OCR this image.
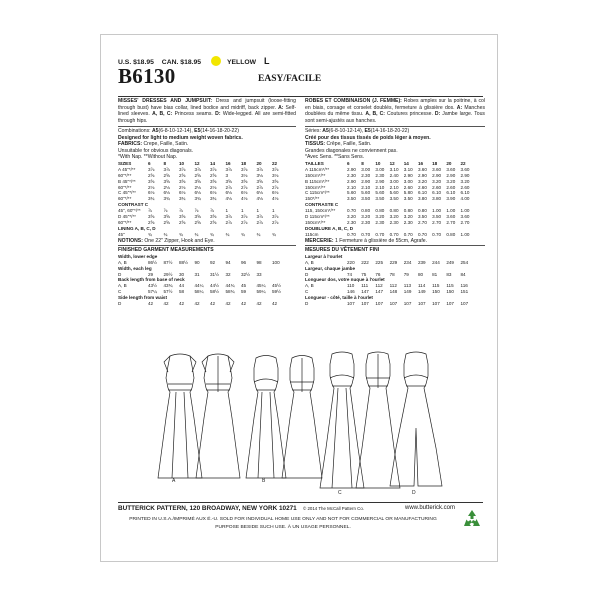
U.S. $18.95 CAN. $18.95	YELLOW L
B6130	EASY/FACILE

MISSES' DRESSES AND JUMPSUIT: Dress and jumpsuit (loose-fitting through bust) have bias collar, lined bodice and midriff, back zipper. A: Self-lined sleeves. A, B, C: Princess seams. D: Wide-legged. All are semi-fitted through hips.

Combinations: A5(6-8-10-12-14), E5(14-16-18-20-22)

Designed for light to medium weight woven fabrics.

FABRICS: Crepe, Faille, Satin.

Unsuitable for obvious diagonals.

*With Nap. **Without Nap.

SIZES	6	8	10	12	14	16	18	20	22
A 45"*/**	3⅞	3⅞	3⅞	3⅞	3⅞	3⅞	3⅞	3⅞	3⅞
60"*/**	2⅝	2⅝	2⅝	2⅝	2⅝	3	3⅛	3⅛	3⅛
B 45"*/**	3⅝	3⅝	3⅝	3⅝	3⅝	3⅝	3⅝	3⅝	3⅝
60"*/**	2⅛	2⅛	2⅛	2⅛	2⅛	2⅞	2⅞	2⅞	2⅞
C 45"*/**	6⅛	6⅛	6⅛	6⅛	6⅛	6⅛	6⅛	6⅛	6⅛
60"*/**	3¾	3¾	3¾	3¾	3¾	4⅛	4⅛	4⅛	4⅛
CONTRAST C									
45", 60"*/**	⅞	⅞	⅞	⅞	⅞	1	1	1	1
D 45"*/**	3⅝	3⅝	3⅝	3⅝	3⅝	3⅞	3⅞	3⅞	3⅞
60"*/**	2⅝	2⅝	2⅝	2⅝	2⅝	2⅞	2⅞	2⅞	2⅞
LINING A, B, C, D									
45"	¾	¾	¾	¾	¾	¾	¾	¾	¾

NOTIONS: One 22" Zipper, Hook and Eye.

FINISHED GARMENT MEASUREMENTS

Width, lower edge									
A, B	86½	87½	88½	90	92	94	96	98	100
Width, each leg									
D	29	29½	30	31	31½	32	32½	33	
Back length from base of neck									
A, B	43½	43¾	44	44¼	44½	44¾	45	45¼	45½
C	57¼	57½	58	58¼	58½	58¾	59	59¼	59½
Side length from waist									
D	42	42	42	42	42	42	42	42	42

ROBES ET COMBINAISON (J. FEMME): Robes amples sur la poitrine, à col en biais, corsage et corselet doublés, fermeture à glissière dos. A: Manches doublées du même tissu. A, B, C: Coutures princesse. D: Jambe large. Tous sont semi-ajustés aux hanches.

Séries: A5(6-8-10-12-14), E5(14-16-18-20-22)

Créé pour des tissus tissés de poids léger à moyen.

TISSUS: Crêpe, Faille, Satin.

Grandes diagonales ne conviennent pas.

*Avec Sens. **Sans Sens.

TAILLES	6	8	10	12	14	16	18	20	22
A 115cm*/**	2.90	3.00	3.00	3.10	3.10	3.60	3.60	3.60	3.60
150cm*/**	2.30	2.30	2.30	2.40	2.90	2.90	2.90	2.90	2.90
B 115cm*/**	2.90	2.90	2.90	3.00	3.00	3.20	3.20	3.20	3.20
150cm*/**	2.10	2.10	2.10	2.10	2.60	2.60	2.60	2.60	2.60
C 115cm*/**	5.60	5.60	5.60	5.60	5.80	6.10	6.10	6.10	6.10
150*/**	3.50	3.50	3.50	3.50	3.50	3.80	3.80	3.90	4.00
CONTRASTE C									
115, 150cm*/**	0.70	0.80	0.80	0.80	0.80	0.80	1.00	1.00	1.00
D 115cm*/**	3.20	3.20	3.20	3.20	3.20	3.50	3.50	3.60	3.60
150cm*/**	2.30	2.30	2.30	2.30	2.30	2.70	2.70	2.70	2.70
DOUBLURE A, B, C, D									
115cm	0.70	0.70	0.70	0.70	0.70	0.70	0.70	0.80	1.00

MERCERIE: 1 Fermeture à glissière de 55cm, Agrafe.

MESURES DU VÊTEMENT FINI

Largeur à l'ourlet									
A, B	220	222	225	229	234	239	244	249	254
Largeur, chaque jambe									
D	74	75	76	78	79	80	81	83	84
Longueur dos, votre nuque à l'ourlet									
A, B	110	111	112	112	113	114	115	115	116
C	146	147	147	148	149	149	150	150	151
Longueur - côté, taille à l'ourlet									
D	107	107	107	107	107	107	107	107	107
A	B
C	D
BUTTERICK PATTERN, 120 BROADWAY, NEW YORK 10271 © 2014 The McCall Pattern Co.	www.butterick.com
PRINTED IN U.S.A./IMPRIMÉ AUX É.-U. SOLD FOR INDIVIDUAL HOME USE ONLY AND NOT FOR COMMERCIAL OR MANUFACTURING
PURPOSE BESIDE SUCH USE. À UN USAGE PERSONNEL.
